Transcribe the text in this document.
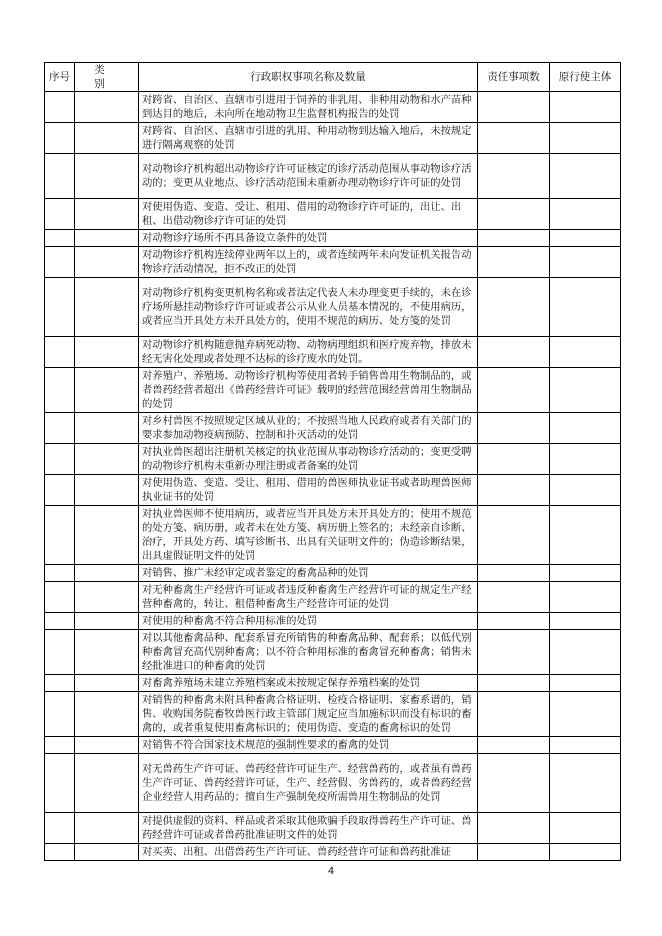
序号	类　别	行政职权事项名称及数量	责任事项数	原行使主体
		对跨省、自治区、直辖市引进用于饲养的非乳用、非种用动物和水产苗种到达目的地后，未向所在地动物卫生监督机构报告的处罚		
		对跨省、自治区、直辖市引进的乳用、种用动物到达输入地后，未按规定进行隔离观察的处罚		
		对动物诊疗机构超出动物诊疗许可证核定的诊疗活动范围从事动物诊疗活动的；变更从业地点、诊疗活动范围未重新办理动物诊疗许可证的处罚		
		对使用伪造、变造、受让、租用、借用的动物诊疗许可证的，出让、出租、出借动物诊疗许可证的处罚		
		对动物诊疗场所不再具备设立条件的处罚		
		对动物诊疗机构连续停业两年以上的，或者连续两年未向发证机关报告动物诊疗活动情况，拒不改正的处罚		
		对动物诊疗机构变更机构名称或者法定代表人未办理变更手续的，未在诊疗场所悬挂动物诊疗许可证或者公示从业人员基本情况的，不使用病历，或者应当开具处方未开具处方的，使用不规范的病历、处方笺的处罚		
		对动物诊疗机构随意抛弃病死动物、动物病理组织和医疗废弃物，排放未经无害化处理或者处理不达标的诊疗废水的处罚。		
		对养殖户、养殖场、动物诊疗机构等使用者转手销售兽用生物制品的，或者兽药经营者超出《兽药经营许可证》载明的经营范围经营兽用生物制品的处罚		
		对乡村兽医不按照规定区域从业的；不按照当地人民政府或者有关部门的要求参加动物疫病预防、控制和扑灭活动的处罚		
		对执业兽医超出注册机关核定的执业范围从事动物诊疗活动的；变更受聘的动物诊疗机构未重新办理注册或者备案的处罚		
		对使用伪造、变造、受让、租用、借用的兽医师执业证书或者助理兽医师执业证书的处罚		
		对执业兽医师不使用病历，或者应当开具处方未开具处方的；使用不规范的处方笺、病历册，或者未在处方笺、病历册上签名的；未经亲自诊断、治疗，开具处方药、填写诊断书、出具有关证明文件的；伪造诊断结果，出具虚假证明文件的处罚		
		对销售、推广未经审定或者鉴定的畜禽品种的处罚		
		对无种畜禽生产经营许可证或者违反种畜禽生产经营许可证的规定生产经营种畜禽的，转让、租借种畜禽生产经营许可证的处罚		
		对使用的种畜禽不符合种用标准的处罚		
		对以其他畜禽品种、配套系冒充所销售的种畜禽品种、配套系；以低代别种畜禽冒充高代别种畜禽；以不符合种用标准的畜禽冒充种畜禽；销售未经批准进口的种畜禽的处罚		
		对畜禽养殖场未建立养殖档案或未按规定保存养殖档案的处罚		
		对销售的种畜禽未附具种畜禽合格证明、检疫合格证明、家畜系谱的，销售、收购国务院畜牧兽医行政主管部门规定应当加施标识而没有标识的畜禽的，或者重复使用畜禽标识的；使用伪造、变造的畜禽标识的处罚		
		对销售不符合国家技术规范的强制性要求的畜禽的处罚		
		对无兽药生产许可证、兽药经营许可证生产、经营兽药的，或者虽有兽药生产许可证、兽药经营许可证，生产、经营假、劣兽药的，或者兽药经营企业经营人用药品的；擅自生产强制免疫所需兽用生物制品的处罚		
		对提供虚假的资料、样品或者采取其他欺骗手段取得兽药生产许可证、兽药经营许可证或者兽药批准证明文件的处罚		
		对买卖、出租、出借兽药生产许可证、兽药经营许可证和兽药批准证		
4
